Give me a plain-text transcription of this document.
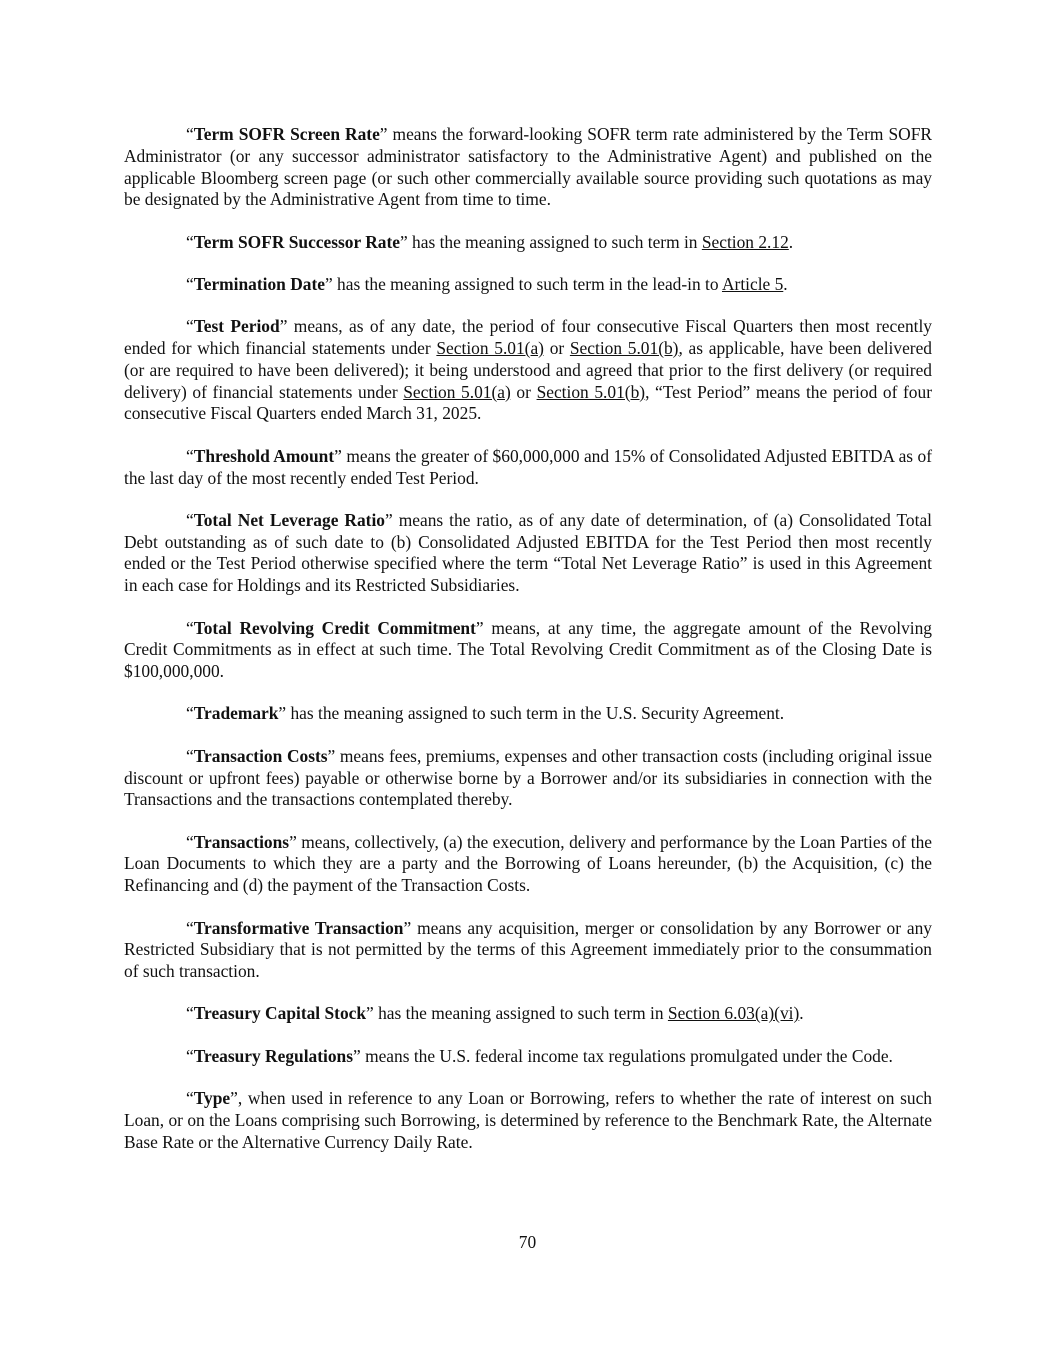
“Term SOFR Screen Rate” means the forward-looking SOFR term rate administered by the Term SOFR Administrator (or any successor administrator satisfactory to the Administrative Agent) and published on the applicable Bloomberg screen page (or such other commercially available source providing such quotations as may be designated by the Administrative Agent from time to time.

“Term SOFR Successor Rate” has the meaning assigned to such term in Section 2.12.

“Termination Date” has the meaning assigned to such term in the lead-in to Article 5.

“Test Period” means, as of any date, the period of four consecutive Fiscal Quarters then most recently ended for which financial statements under Section 5.01(a) or Section 5.01(b), as applicable, have been delivered (or are required to have been delivered); it being understood and agreed that prior to the first delivery (or required delivery) of financial statements under Section 5.01(a) or Section 5.01(b), “Test Period” means the period of four consecutive Fiscal Quarters ended March 31, 2025.

“Threshold Amount” means the greater of $60,000,000 and 15% of Consolidated Adjusted EBITDA as of the last day of the most recently ended Test Period.

“Total Net Leverage Ratio” means the ratio, as of any date of determination, of (a) Consolidated Total Debt outstanding as of such date to (b) Consolidated Adjusted EBITDA for the Test Period then most recently ended or the Test Period otherwise specified where the term “Total Net Leverage Ratio” is used in this Agreement in each case for Holdings and its Restricted Subsidiaries.

“Total Revolving Credit Commitment” means, at any time, the aggregate amount of the Revolving Credit Commitments as in effect at such time. The Total Revolving Credit Commitment as of the Closing Date is $100,000,000.

“Trademark” has the meaning assigned to such term in the U.S. Security Agreement.

“Transaction Costs” means fees, premiums, expenses and other transaction costs (including original issue discount or upfront fees) payable or otherwise borne by a Borrower and/or its subsidiaries in connection with the Transactions and the transactions contemplated thereby.

“Transactions” means, collectively, (a) the execution, delivery and performance by the Loan Parties of the Loan Documents to which they are a party and the Borrowing of Loans hereunder, (b) the Acquisition, (c) the Refinancing and (d) the payment of the Transaction Costs.

“Transformative Transaction” means any acquisition, merger or consolidation by any Borrower or any Restricted Subsidiary that is not permitted by the terms of this Agreement immediately prior to the consummation of such transaction.

“Treasury Capital Stock” has the meaning assigned to such term in Section 6.03(a)(vi).

“Treasury Regulations” means the U.S. federal income tax regulations promulgated under the Code.

“Type”, when used in reference to any Loan or Borrowing, refers to whether the rate of interest on such Loan, or on the Loans comprising such Borrowing, is determined by reference to the Benchmark Rate, the Alternate Base Rate or the Alternative Currency Daily Rate.

70
